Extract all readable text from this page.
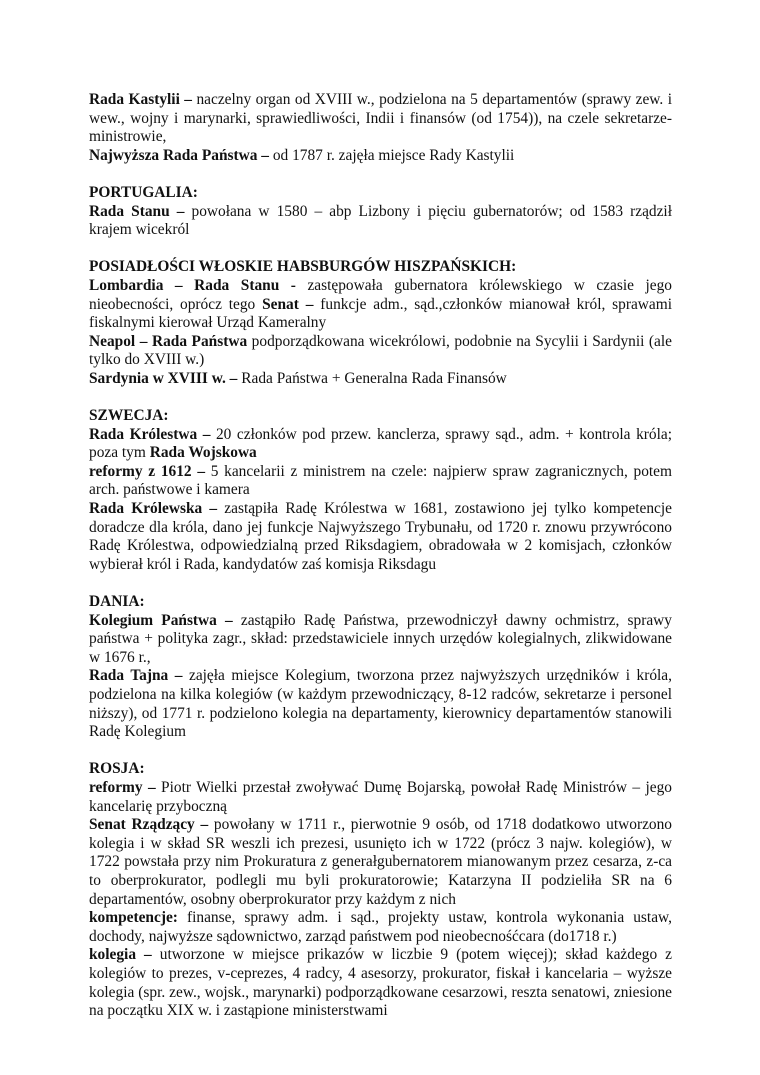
Rada Kastylii – naczelny organ od XVIII w., podzielona na 5 departamentów (sprawy zew. i wew., wojny i marynarki, sprawiedliwości, Indii i finansów (od 1754)), na czele sekretarze-ministrowie,

Najwyższa Rada Państwa – od 1787 r. zajęła miejsce Rady Kastylii

PORTUGALIA:

Rada Stanu – powołana w 1580 – abp Lizbony i pięciu gubernatorów; od 1583 rządził krajem wicekról

POSIADŁOŚCI WŁOSKIE HABSBURGÓW HISZPAŃSKICH:

Lombardia – Rada Stanu - zastępowała gubernatora królewskiego w czasie jego nieobecności, oprócz tego Senat – funkcje adm., sąd.,członków mianował król, sprawami fiskalnymi kierował Urząd Kameralny

Neapol – Rada Państwa podporządkowana wicekrólowi, podobnie na Sycylii i Sardynii (ale tylko do XVIII w.)

Sardynia w XVIII w. – Rada Państwa + Generalna Rada Finansów

SZWECJA:

Rada Królestwa – 20 członków pod przew. kanclerza, sprawy sąd., adm. + kontrola króla; poza tym Rada Wojskowa

reformy z 1612 – 5 kancelarii z ministrem na czele: najpierw spraw zagranicznych, potem arch. państwowe i kamera

Rada Królewska – zastąpiła Radę Królestwa w 1681, zostawiono jej tylko kompetencje doradcze dla króla, dano jej funkcje Najwyższego Trybunału, od 1720 r. znowu przywrócono Radę Królestwa, odpowiedzialną przed Riksdagiem, obradowała w 2 komisjach, członków wybierał król i Rada, kandydatów zaś komisja Riksdagu

DANIA:

Kolegium Państwa – zastąpiło Radę Państwa, przewodniczył dawny ochmistrz, sprawy państwa + polityka zagr., skład: przedstawiciele innych urzędów kolegialnych, zlikwidowane w 1676 r.,

Rada Tajna – zajęła miejsce Kolegium, tworzona przez najwyższych urzędników i króla, podzielona na kilka kolegiów (w każdym przewodniczący, 8-12 radców, sekretarze i personel niższy), od 1771 r. podzielono kolegia na departamenty, kierownicy departamentów stanowili Radę Kolegium

ROSJA:

reformy – Piotr Wielki przestał zwoływać Dumę Bojarską, powołał Radę Ministrów – jego kancelarię przyboczną

Senat Rządzący – powołany w 1711 r., pierwotnie 9 osób, od 1718 dodatkowo utworzono kolegia i w skład SR weszli ich prezesi, usunięto ich w 1722 (prócz 3 najw. kolegiów), w 1722 powstała przy nim Prokuratura z generałgubernatorem mianowanym przez cesarza, z-ca to oberprokurator, podlegli mu byli prokuratorowie; Katarzyna II podzieliła SR na 6 departamentów, osobny oberprokurator przy każdym z nich

kompetencje: finanse, sprawy adm. i sąd., projekty ustaw, kontrola wykonania ustaw, dochody, najwyższe sądownictwo, zarząd państwem pod nieobecnośćcara (do1718 r.)

kolegia – utworzone w miejsce prikazów w liczbie 9 (potem więcej); skład każdego z kolegiów to prezes, v-ceprezes, 4 radcy, 4 asesorzy, prokurator, fiskał i kancelaria – wyższe kolegia (spr. zew., wojsk., marynarki) podporządkowane cesarzowi, reszta senatowi, zniesione na początku XIX w. i zastąpione ministerstwami
